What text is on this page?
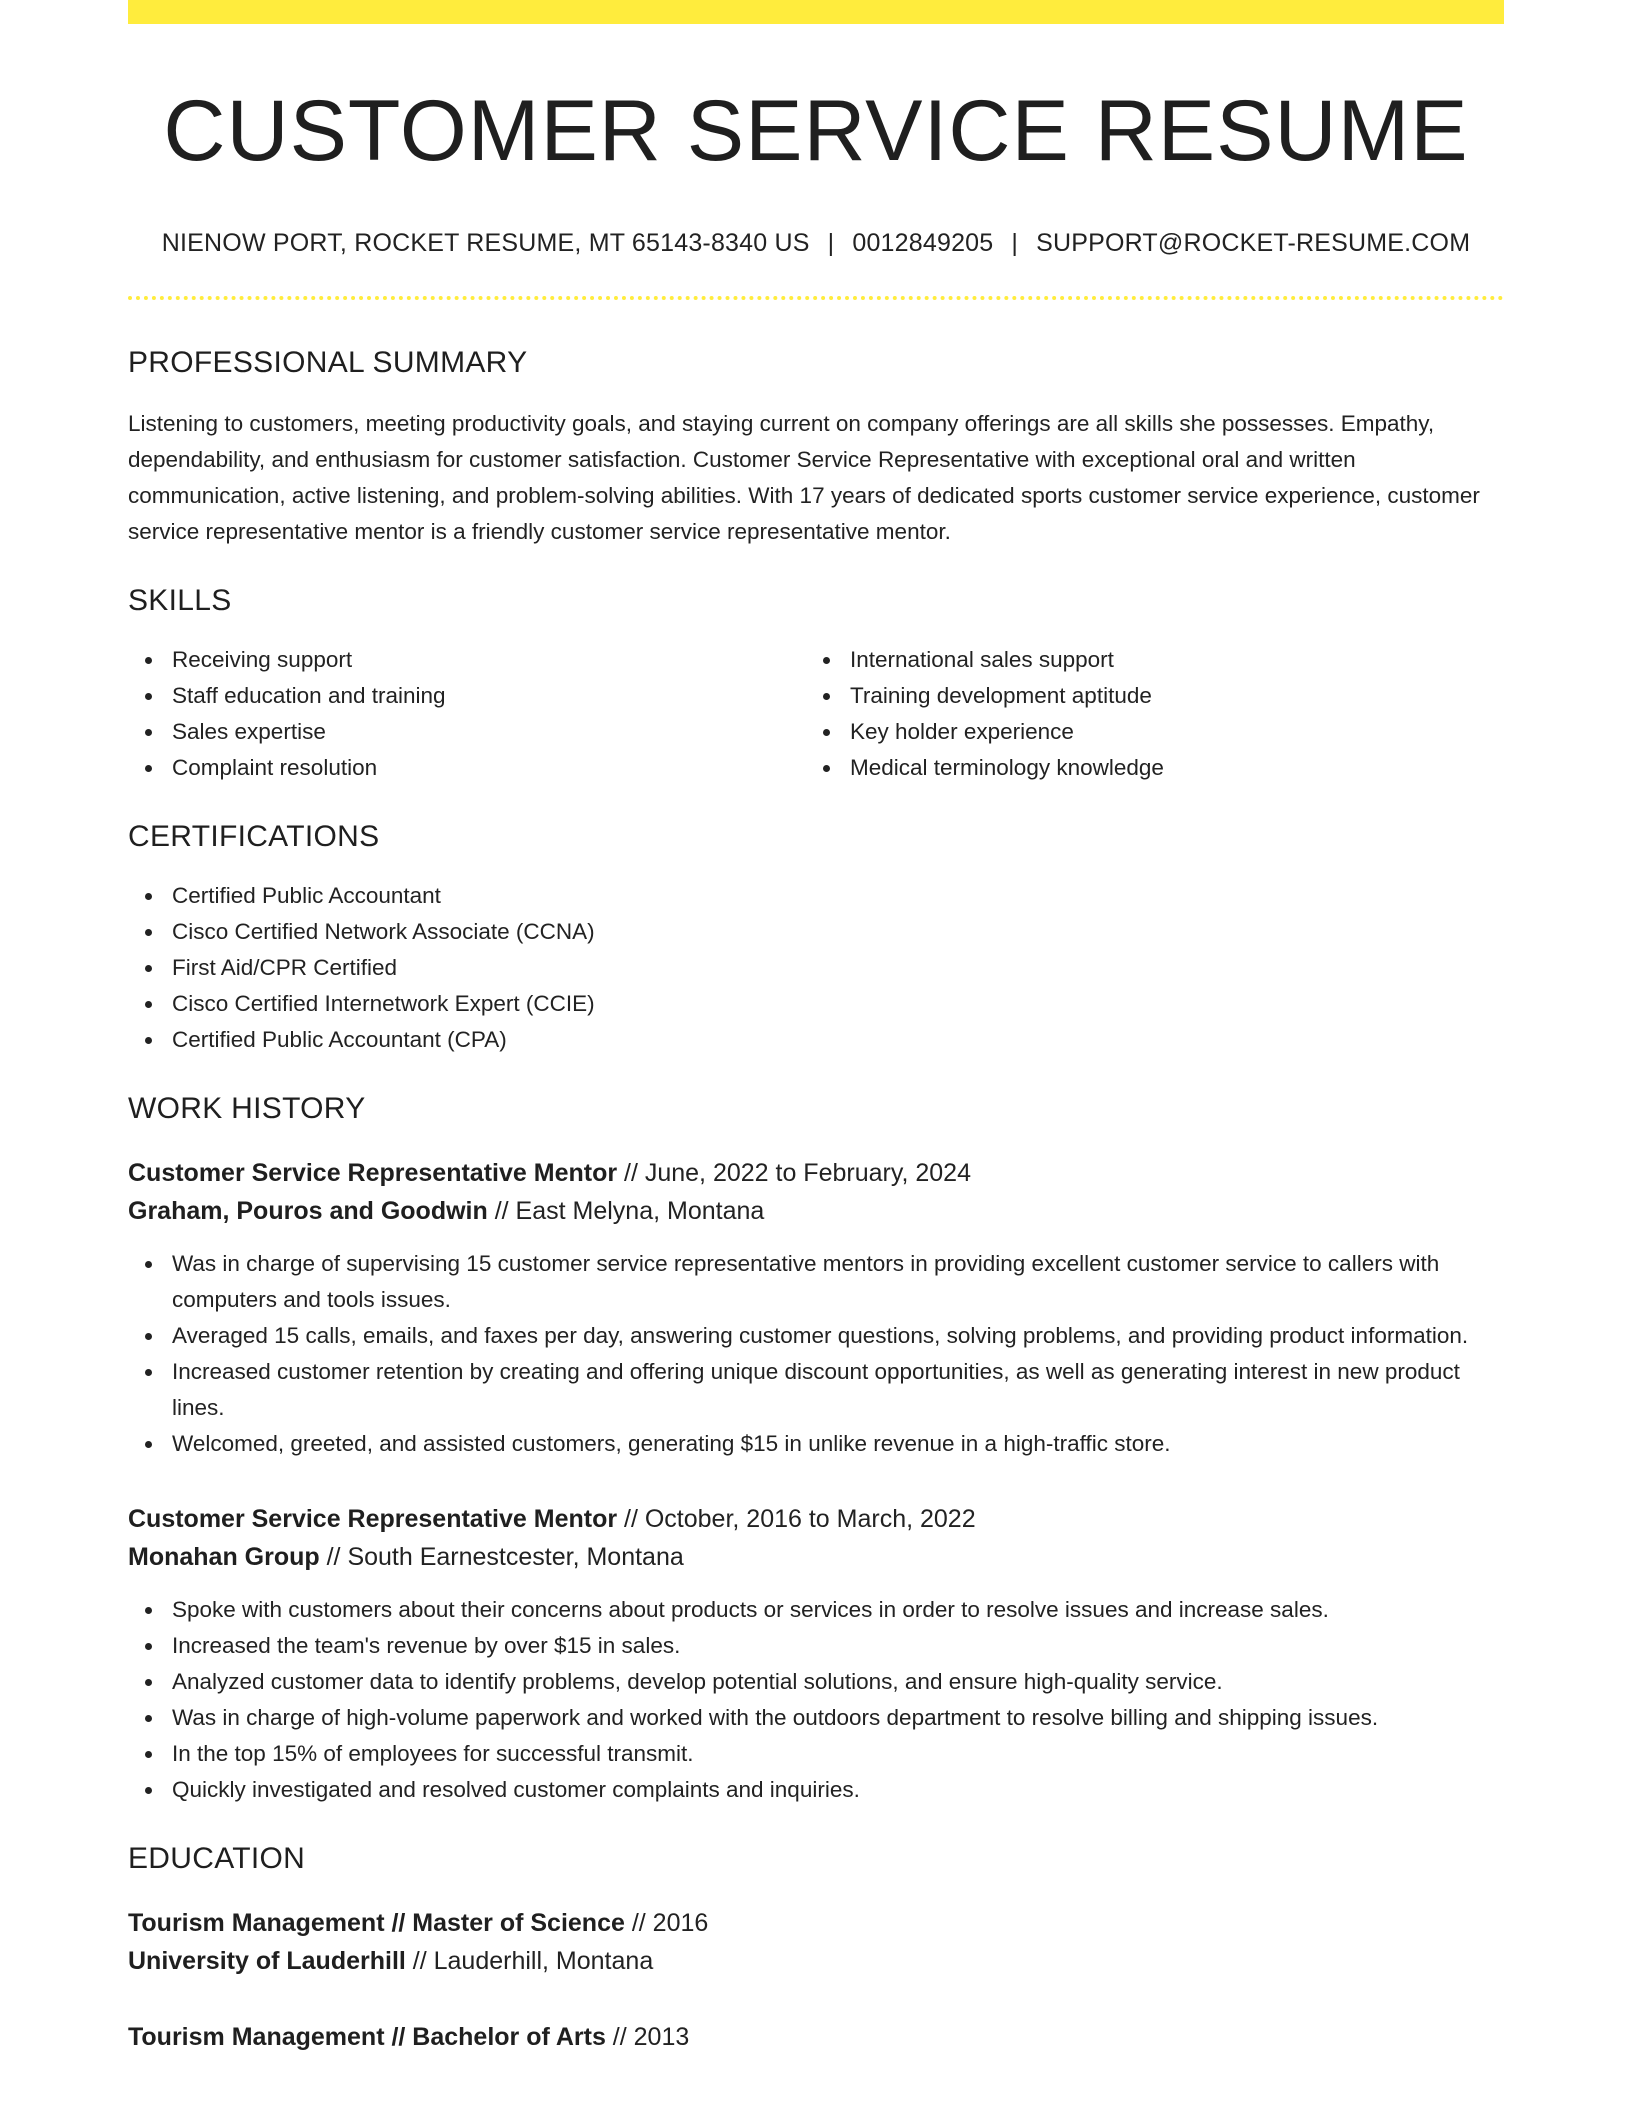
CUSTOMER SERVICE RESUME
NIENOW PORT, ROCKET RESUME, MT 65143-8340 US | 0012849205 | SUPPORT@ROCKET-RESUME.COM
PROFESSIONAL SUMMARY

Listening to customers, meeting productivity goals, and staying current on company offerings are all skills she possesses. Empathy, dependability, and enthusiasm for customer satisfaction. Customer Service Representative with exceptional oral and written communication, active listening, and problem-solving abilities. With 17 years of dedicated sports customer service experience, customer service representative mentor is a friendly customer service representative mentor.

SKILLS
Receiving support
Staff education and training
Sales expertise
Complaint resolution
International sales support
Training development aptitude
Key holder experience
Medical terminology knowledge
CERTIFICATIONS
Certified Public Accountant
Cisco Certified Network Associate (CCNA)
First Aid/CPR Certified
Cisco Certified Internetwork Expert (CCIE)
Certified Public Accountant (CPA)
WORK HISTORY
Customer Service Representative Mentor // June, 2022 to February, 2024
Graham, Pouros and Goodwin // East Melyna, Montana
Was in charge of supervising 15 customer service representative mentors in providing excellent customer service to callers with computers and tools issues.
Averaged 15 calls, emails, and faxes per day, answering customer questions, solving problems, and providing product information.
Increased customer retention by creating and offering unique discount opportunities, as well as generating interest in new product lines.
Welcomed, greeted, and assisted customers, generating $15 in unlike revenue in a high-traffic store.
Customer Service Representative Mentor // October, 2016 to March, 2022
Monahan Group // South Earnestcester, Montana
Spoke with customers about their concerns about products or services in order to resolve issues and increase sales.
Increased the team's revenue by over $15 in sales.
Analyzed customer data to identify problems, develop potential solutions, and ensure high-quality service.
Was in charge of high-volume paperwork and worked with the outdoors department to resolve billing and shipping issues.
In the top 15% of employees for successful transmit.
Quickly investigated and resolved customer complaints and inquiries.
EDUCATION
Tourism Management // Master of Science // 2016
University of Lauderhill // Lauderhill, Montana
Tourism Management // Bachelor of Arts // 2013
